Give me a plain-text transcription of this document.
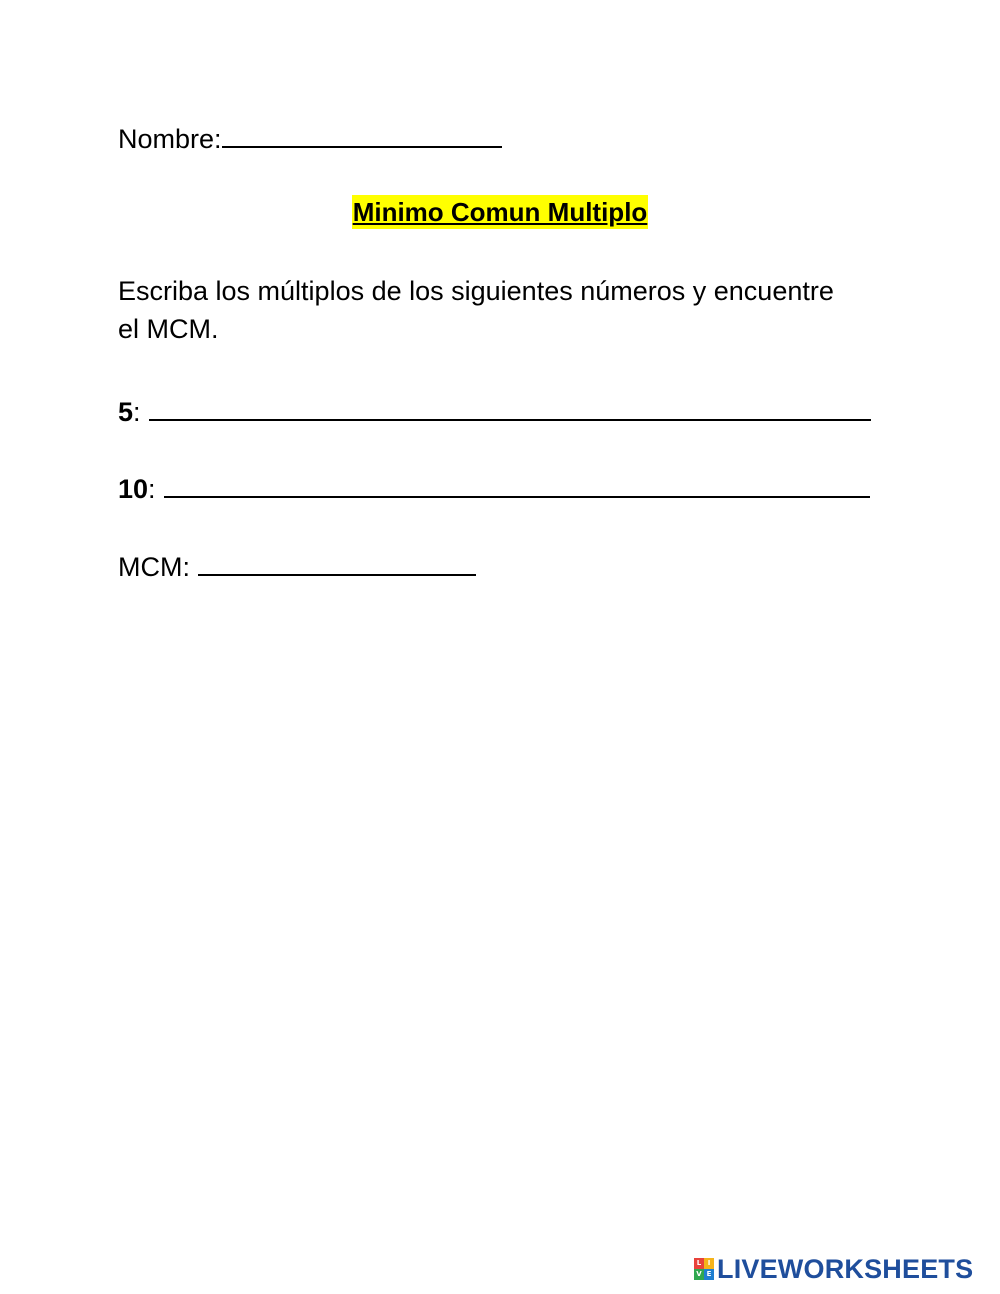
Nombre:
Minimo Comun Multiplo
Escriba los múltiplos de los siguientes números y encuentre el MCM.
5:
10:
MCM:
L I
V E LIVEWORKSHEETS
